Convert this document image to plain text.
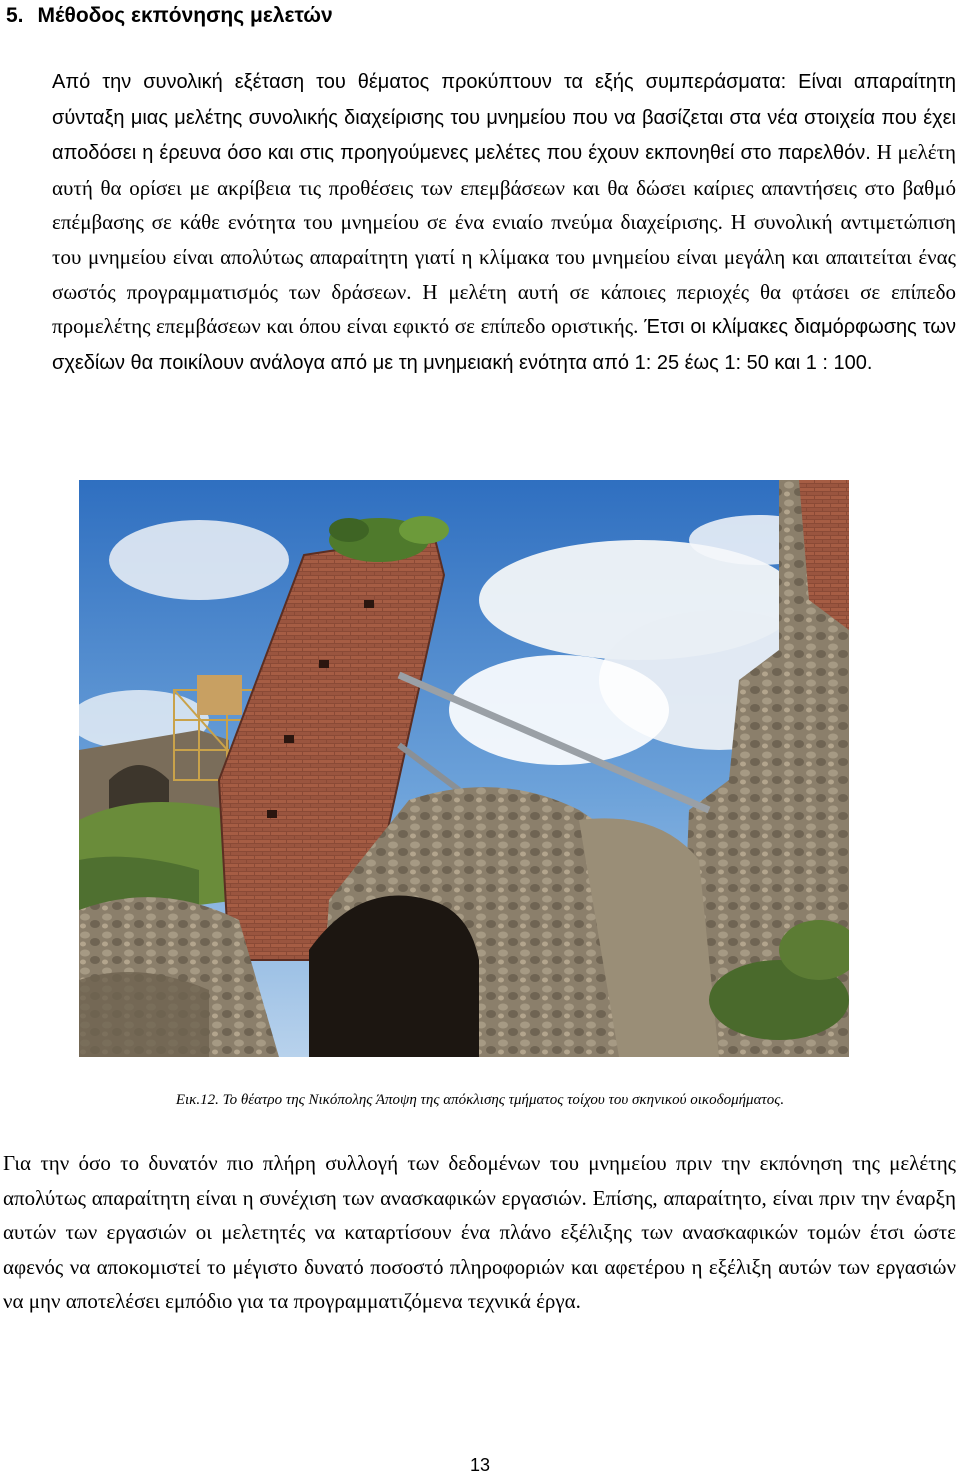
5. Μέθοδος εκπόνησης μελετών
Από την συνολική εξέταση του θέματος προκύπτουν τα εξής συμπεράσματα: Είναι απαραίτητη σύνταξη μιας μελέτης συνολικής διαχείρισης του μνημείου που να βασίζεται στα νέα στοιχεία που έχει αποδόσει η έρευνα όσο και στις προηγούμενες μελέτες που έχουν εκπονηθεί στο παρελθόν. Η μελέτη αυτή θα ορίσει με ακρίβεια τις προθέσεις των επεμβάσεων και θα δώσει καίριες απαντήσεις στο βαθμό επέμβασης σε κάθε ενότητα του μνημείου σε ένα ενιαίο πνεύμα διαχείρισης. Η συνολική αντιμετώπιση του μνημείου είναι απολύτως απαραίτητη γιατί η κλίμακα του μνημείου είναι μεγάλη και απαιτείται ένας σωστός προγραμματισμός των δράσεων. Η μελέτη αυτή σε κάποιες περιοχές θα φτάσει σε επίπεδο προμελέτης επεμβάσεων και όπου είναι εφικτό σε επίπεδο οριστικής. Έτσι οι κλίμακες διαμόρφωσης των σχεδίων θα ποικίλουν ανάλογα από με τη μνημειακή ενότητα από 1: 25 έως 1: 50 και 1 : 100.
Εικ.12. Το θέατρο της Νικόπολης Άποψη της απόκλισης τμήματος τοίχου του σκηνικού οικοδομήματος.
Για την όσο το δυνατόν πιο πλήρη συλλογή των δεδομένων του μνημείου πριν την εκπόνηση της μελέτης απολύτως απαραίτητη είναι η συνέχιση των ανασκαφικών εργασιών. Επίσης, απαραίτητο, είναι πριν την έναρξη αυτών των εργασιών οι μελετητές να καταρτίσουν ένα πλάνο εξέλιξης των ανασκαφικών τομών έτσι ώστε αφενός να αποκομιστεί το μέγιστο δυνατό ποσοστό πληροφοριών και αφετέρου η εξέλιξη αυτών των εργασιών να μην αποτελέσει εμπόδιο για τα προγραμματιζόμενα τεχνικά έργα.
13
